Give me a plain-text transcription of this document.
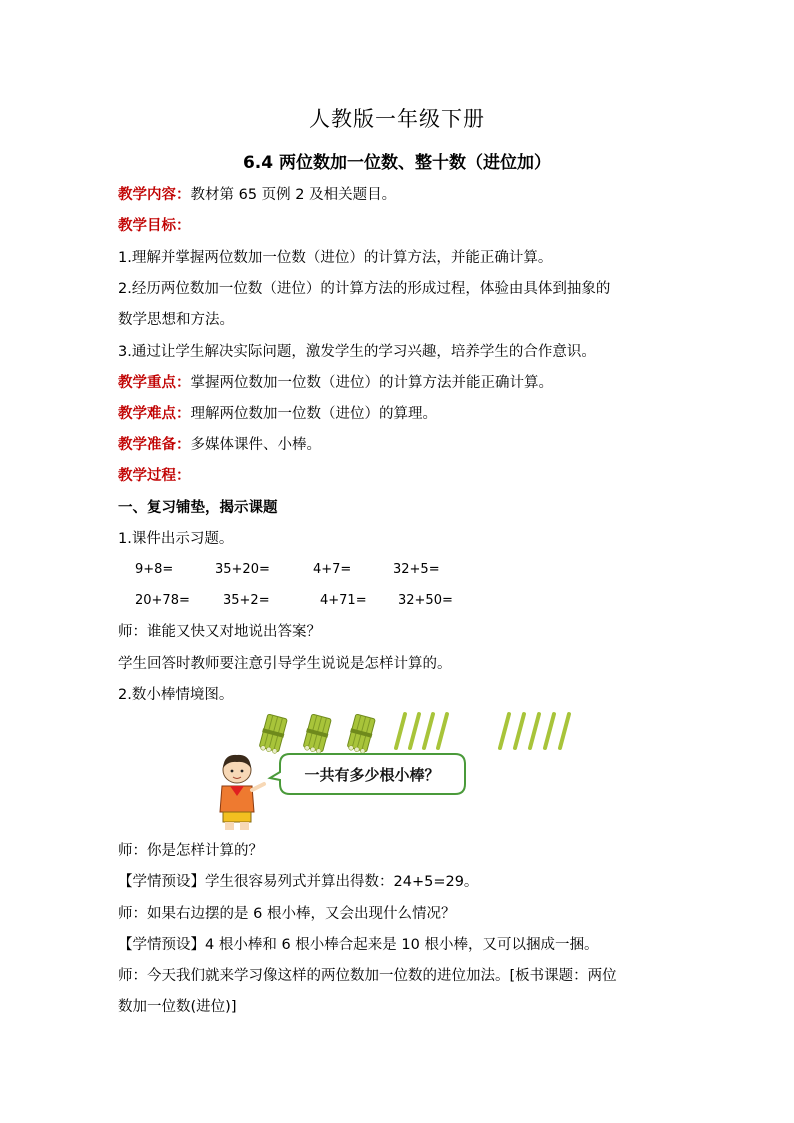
人教版一年级下册
6.4 两位数加一位数、整十数（进位加）
教学内容：教材第 65 页例 2 及相关题目。
教学目标：
1.理解并掌握两位数加一位数（进位）的计算方法，并能正确计算。
2.经历两位数加一位数（进位）的计算方法的形成过程，体验由具体到抽象的
数学思想和方法。
3.通过让学生解决实际问题，激发学生的学习兴趣，培养学生的合作意识。
教学重点：掌握两位数加一位数（进位）的计算方法并能正确计算。
教学难点：理解两位数加一位数（进位）的算理。
教学准备：多媒体课件、小棒。
教学过程：
一、复习铺垫，揭示课题
1.课件出示习题。
9+8=	35+20=	4+7=	32+5=
20+78=	35+2=	4+71= 32+50=
师：谁能又快又对地说出答案？
学生回答时教师要注意引导学生说说是怎样计算的。
2.数小棒情境图。
一共有多少根小棒？
师：你是怎样计算的？
【学情预设】学生很容易列式并算出得数：24+5=29。
师：如果右边摆的是 6 根小棒，又会出现什么情况？
【学情预设】4 根小棒和 6 根小棒合起来是 10 根小棒，又可以捆成一捆。
师：今天我们就来学习像这样的两位数加一位数的进位加法。[板书课题：两位
数加一位数(进位)]
